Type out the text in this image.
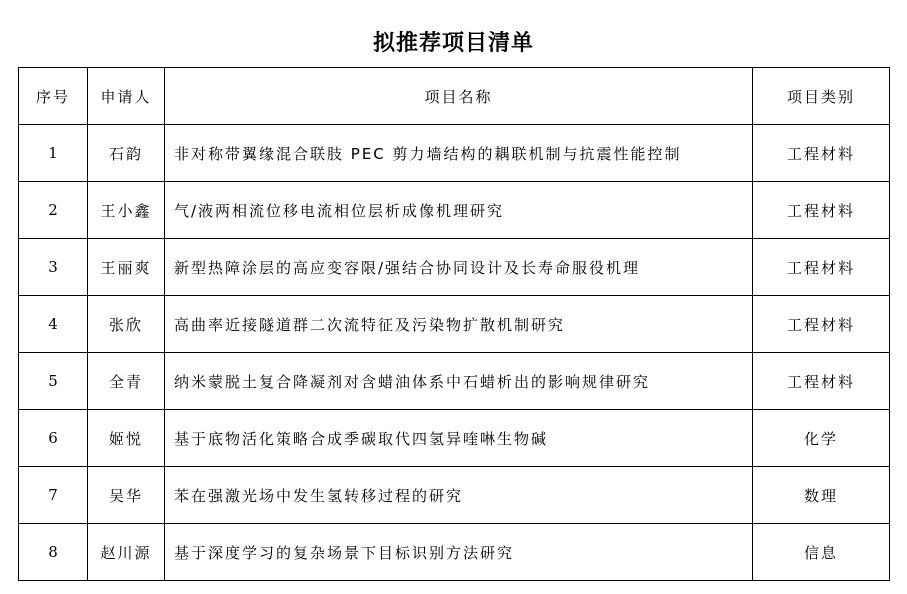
拟推荐项目清单
序号	申请人	项目名称	项目类别
1	石韵	非对称带翼缘混合联肢 PEC 剪力墙结构的耦联机制与抗震性能控制	工程材料
2	王小鑫	气/液两相流位移电流相位层析成像机理研究	工程材料
3	王丽爽	新型热障涂层的高应变容限/强结合协同设计及长寿命服役机理	工程材料
4	张欣	高曲率近接隧道群二次流特征及污染物扩散机制研究	工程材料
5	全青	纳米蒙脱土复合降凝剂对含蜡油体系中石蜡析出的影响规律研究	工程材料
6	姬悦	基于底物活化策略合成季碳取代四氢异喹啉生物碱	化学
7	吴华	苯在强激光场中发生氢转移过程的研究	数理
8	赵川源	基于深度学习的复杂场景下目标识别方法研究	信息
